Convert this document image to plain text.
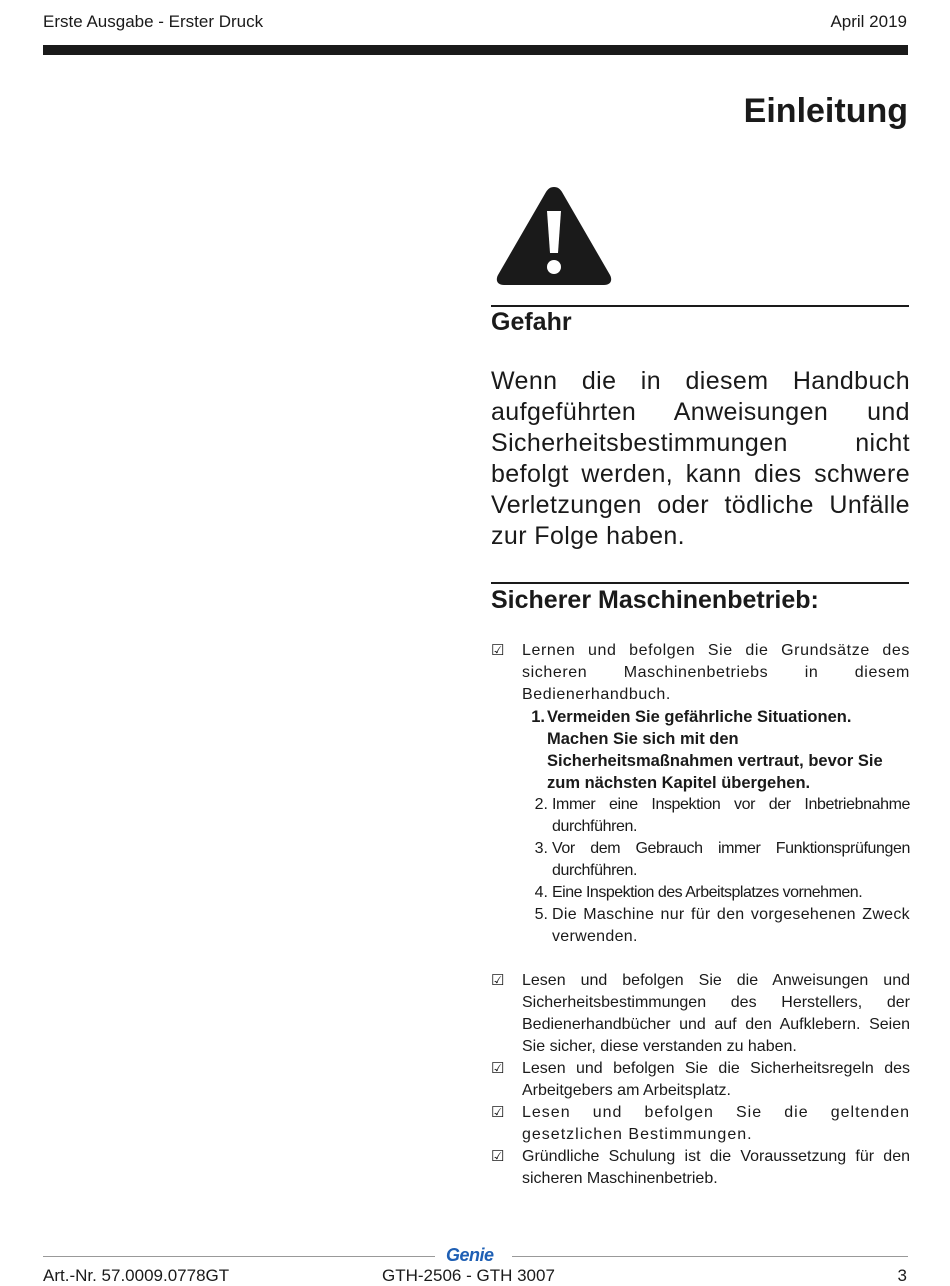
Erste Ausgabe - Erster Druck	April 2019
Einleitung
Gefahr
Wenn die in diesem Handbuch aufgeführten Anweisungen und Sicherheitsbestimmungen nicht befolgt werden, kann dies schwere Verletzungen oder tödliche Unfälle zur Folge haben.
Sicherer Maschinenbetrieb:
☑	Lernen und befolgen Sie die Grundsätze des sicheren Maschinenbetriebs in diesem Bedienerhandbuch.
1. Vermeiden Sie gefährliche Situationen. Machen Sie sich mit den Sicherheitsmaßnahmen vertraut, bevor Sie zum nächsten Kapitel übergehen.
2. Immer eine Inspektion vor der Inbetriebnahme durchführen.
3. Vor dem Gebrauch immer Funktionsprüfungen durchführen.
4. Eine Inspektion des Arbeitsplatzes vornehmen.
5. Die Maschine nur für den vorgesehenen Zweck verwenden.
☑	Lesen und befolgen Sie die Anweisungen und Sicherheitsbestimmungen des Herstellers, der Bedienerhandbücher und auf den Aufklebern. Seien Sie sicher, diese verstanden zu haben.
☑	Lesen und befolgen Sie die Sicherheitsregeln des Arbeitgebers am Arbeitsplatz.
☑	Lesen und befolgen Sie die geltenden gesetzlichen Bestimmungen.
☑	Gründliche Schulung ist die Voraussetzung für den sicheren Maschinenbetrieb.
Genie
Art.-Nr. 57.0009.0778GT	GTH-2506 - GTH 3007	3
